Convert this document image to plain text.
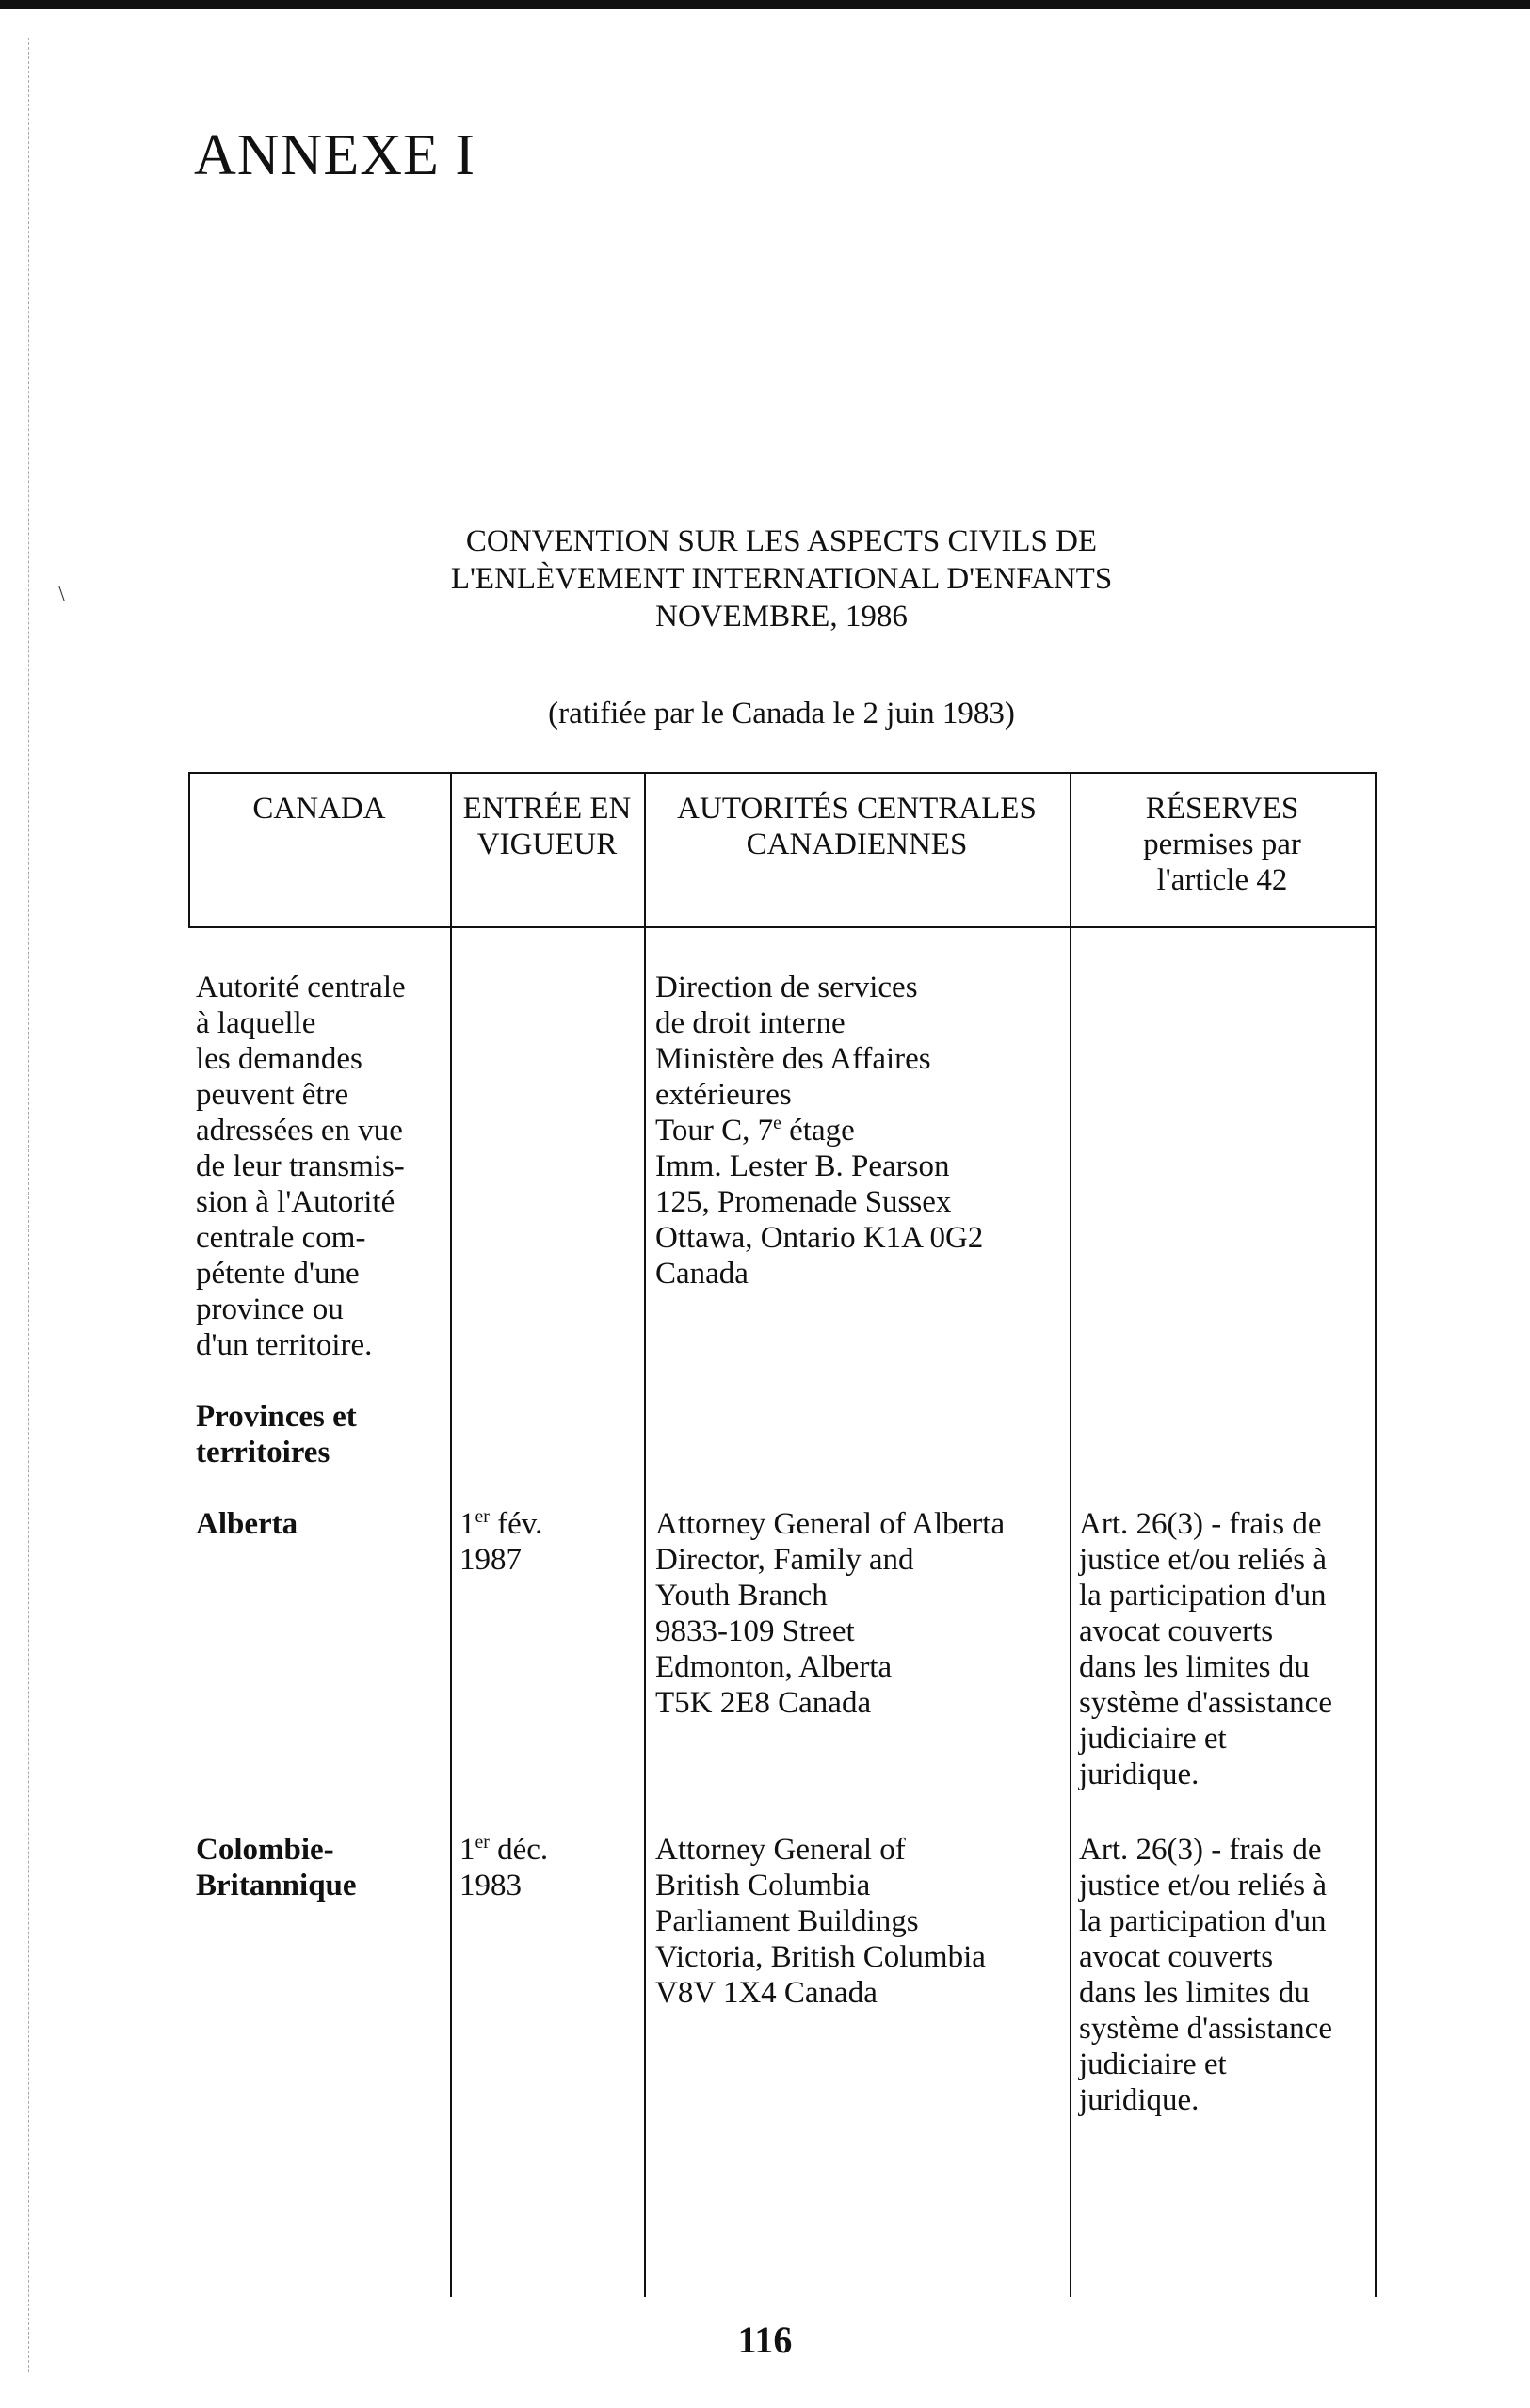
\
ANNEXE I
CONVENTION SUR LES ASPECTS CIVILS DE
L'ENLÈVEMENT INTERNATIONAL D'ENFANTS
NOVEMBRE, 1986
(ratifiée par le Canada le 2 juin 1983)
CANADA	ENTRÉE EN
VIGUEUR
AUTORITÉS CENTRALES
CANADIENNES
RÉSERVES
permises par
l'article 42
Autorité centrale
à laquelle
les demandes
peuvent être
adressées en vue
de leur transmis-
sion à l'Autorité
centrale com-
pétente d'une
province ou
d'un territoire.
Direction de services
de droit interne
Ministère des Affaires
extérieures
Tour C, 7e étage
Imm. Lester B. Pearson
125, Promenade Sussex
Ottawa, Ontario K1A 0G2
Canada
Provinces et
territoires
Alberta	1er fév.
1987
Attorney General of Alberta
Director, Family and
Youth Branch
9833-109 Street
Edmonton, Alberta
T5K 2E8 Canada
Art. 26(3) - frais de
justice et/ou reliés à
la participation d'un
avocat couverts
dans les limites du
système d'assistance
judiciaire et
juridique.
Colombie-
Britannique
1er déc.
1983
Attorney General of
British Columbia
Parliament Buildings
Victoria, British Columbia
V8V 1X4 Canada
Art. 26(3) - frais de
justice et/ou reliés à
la participation d'un
avocat couverts
dans les limites du
système d'assistance
judiciaire et
juridique.
116
